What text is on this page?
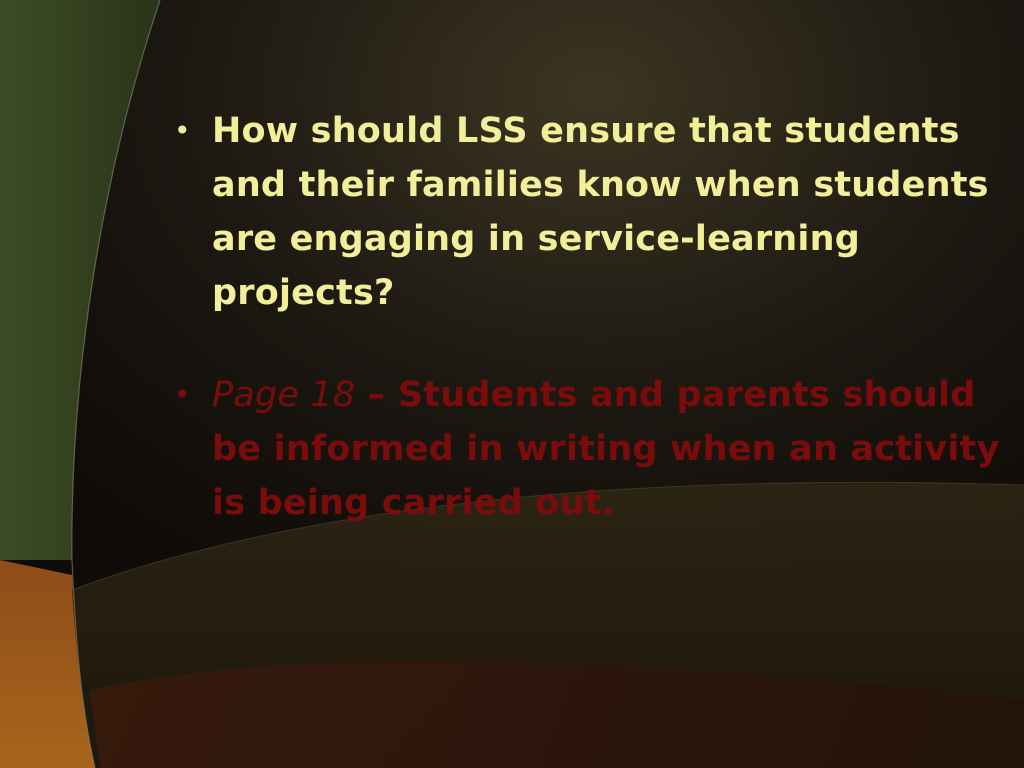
• How should LSS ensure that students and their families know when students are engaging in service-learning projects?
• Page 18 – Students and parents should be informed in writing when an activity is being carried out.
